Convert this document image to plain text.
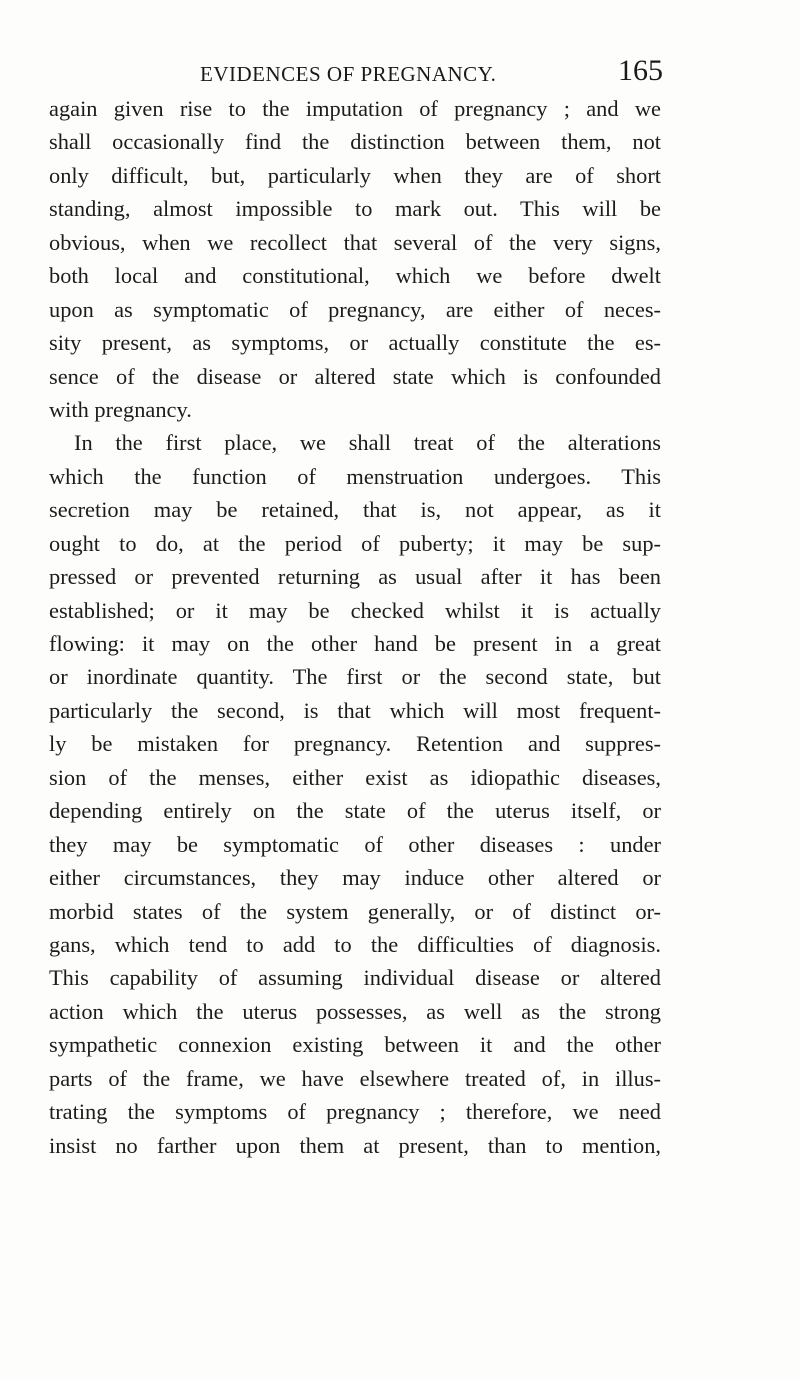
EVIDENCES OF PREGNANCY.	165
again given rise to the imputation of pregnancy ; and we
shall occasionally find the distinction between them, not
only difficult, but, particularly when they are of short
standing, almost impossible to mark out. This will be
obvious, when we recollect that several of the very signs,
both local and constitutional, which we before dwelt
upon as symptomatic of pregnancy, are either of neces-
sity present, as symptoms, or actually constitute the es-
sence of the disease or altered state which is confounded
with pregnancy.
In the first place, we shall treat of the alterations
which the function of menstruation undergoes. This
secretion may be retained, that is, not appear, as it
ought to do, at the period of puberty; it may be sup-
pressed or prevented returning as usual after it has been
established; or it may be checked whilst it is actually
flowing: it may on the other hand be present in a great
or inordinate quantity. The first or the second state, but
particularly the second, is that which will most frequent-
ly be mistaken for pregnancy. Retention and suppres-
sion of the menses, either exist as idiopathic diseases,
depending entirely on the state of the uterus itself, or
they may be symptomatic of other diseases : under
either circumstances, they may induce other altered or
morbid states of the system generally, or of distinct or-
gans, which tend to add to the difficulties of diagnosis.
This capability of assuming individual disease or altered
action which the uterus possesses, as well as the strong
sympathetic connexion existing between it and the other
parts of the frame, we have elsewhere treated of, in illus-
trating the symptoms of pregnancy ; therefore, we need
insist no farther upon them at present, than to mention,
